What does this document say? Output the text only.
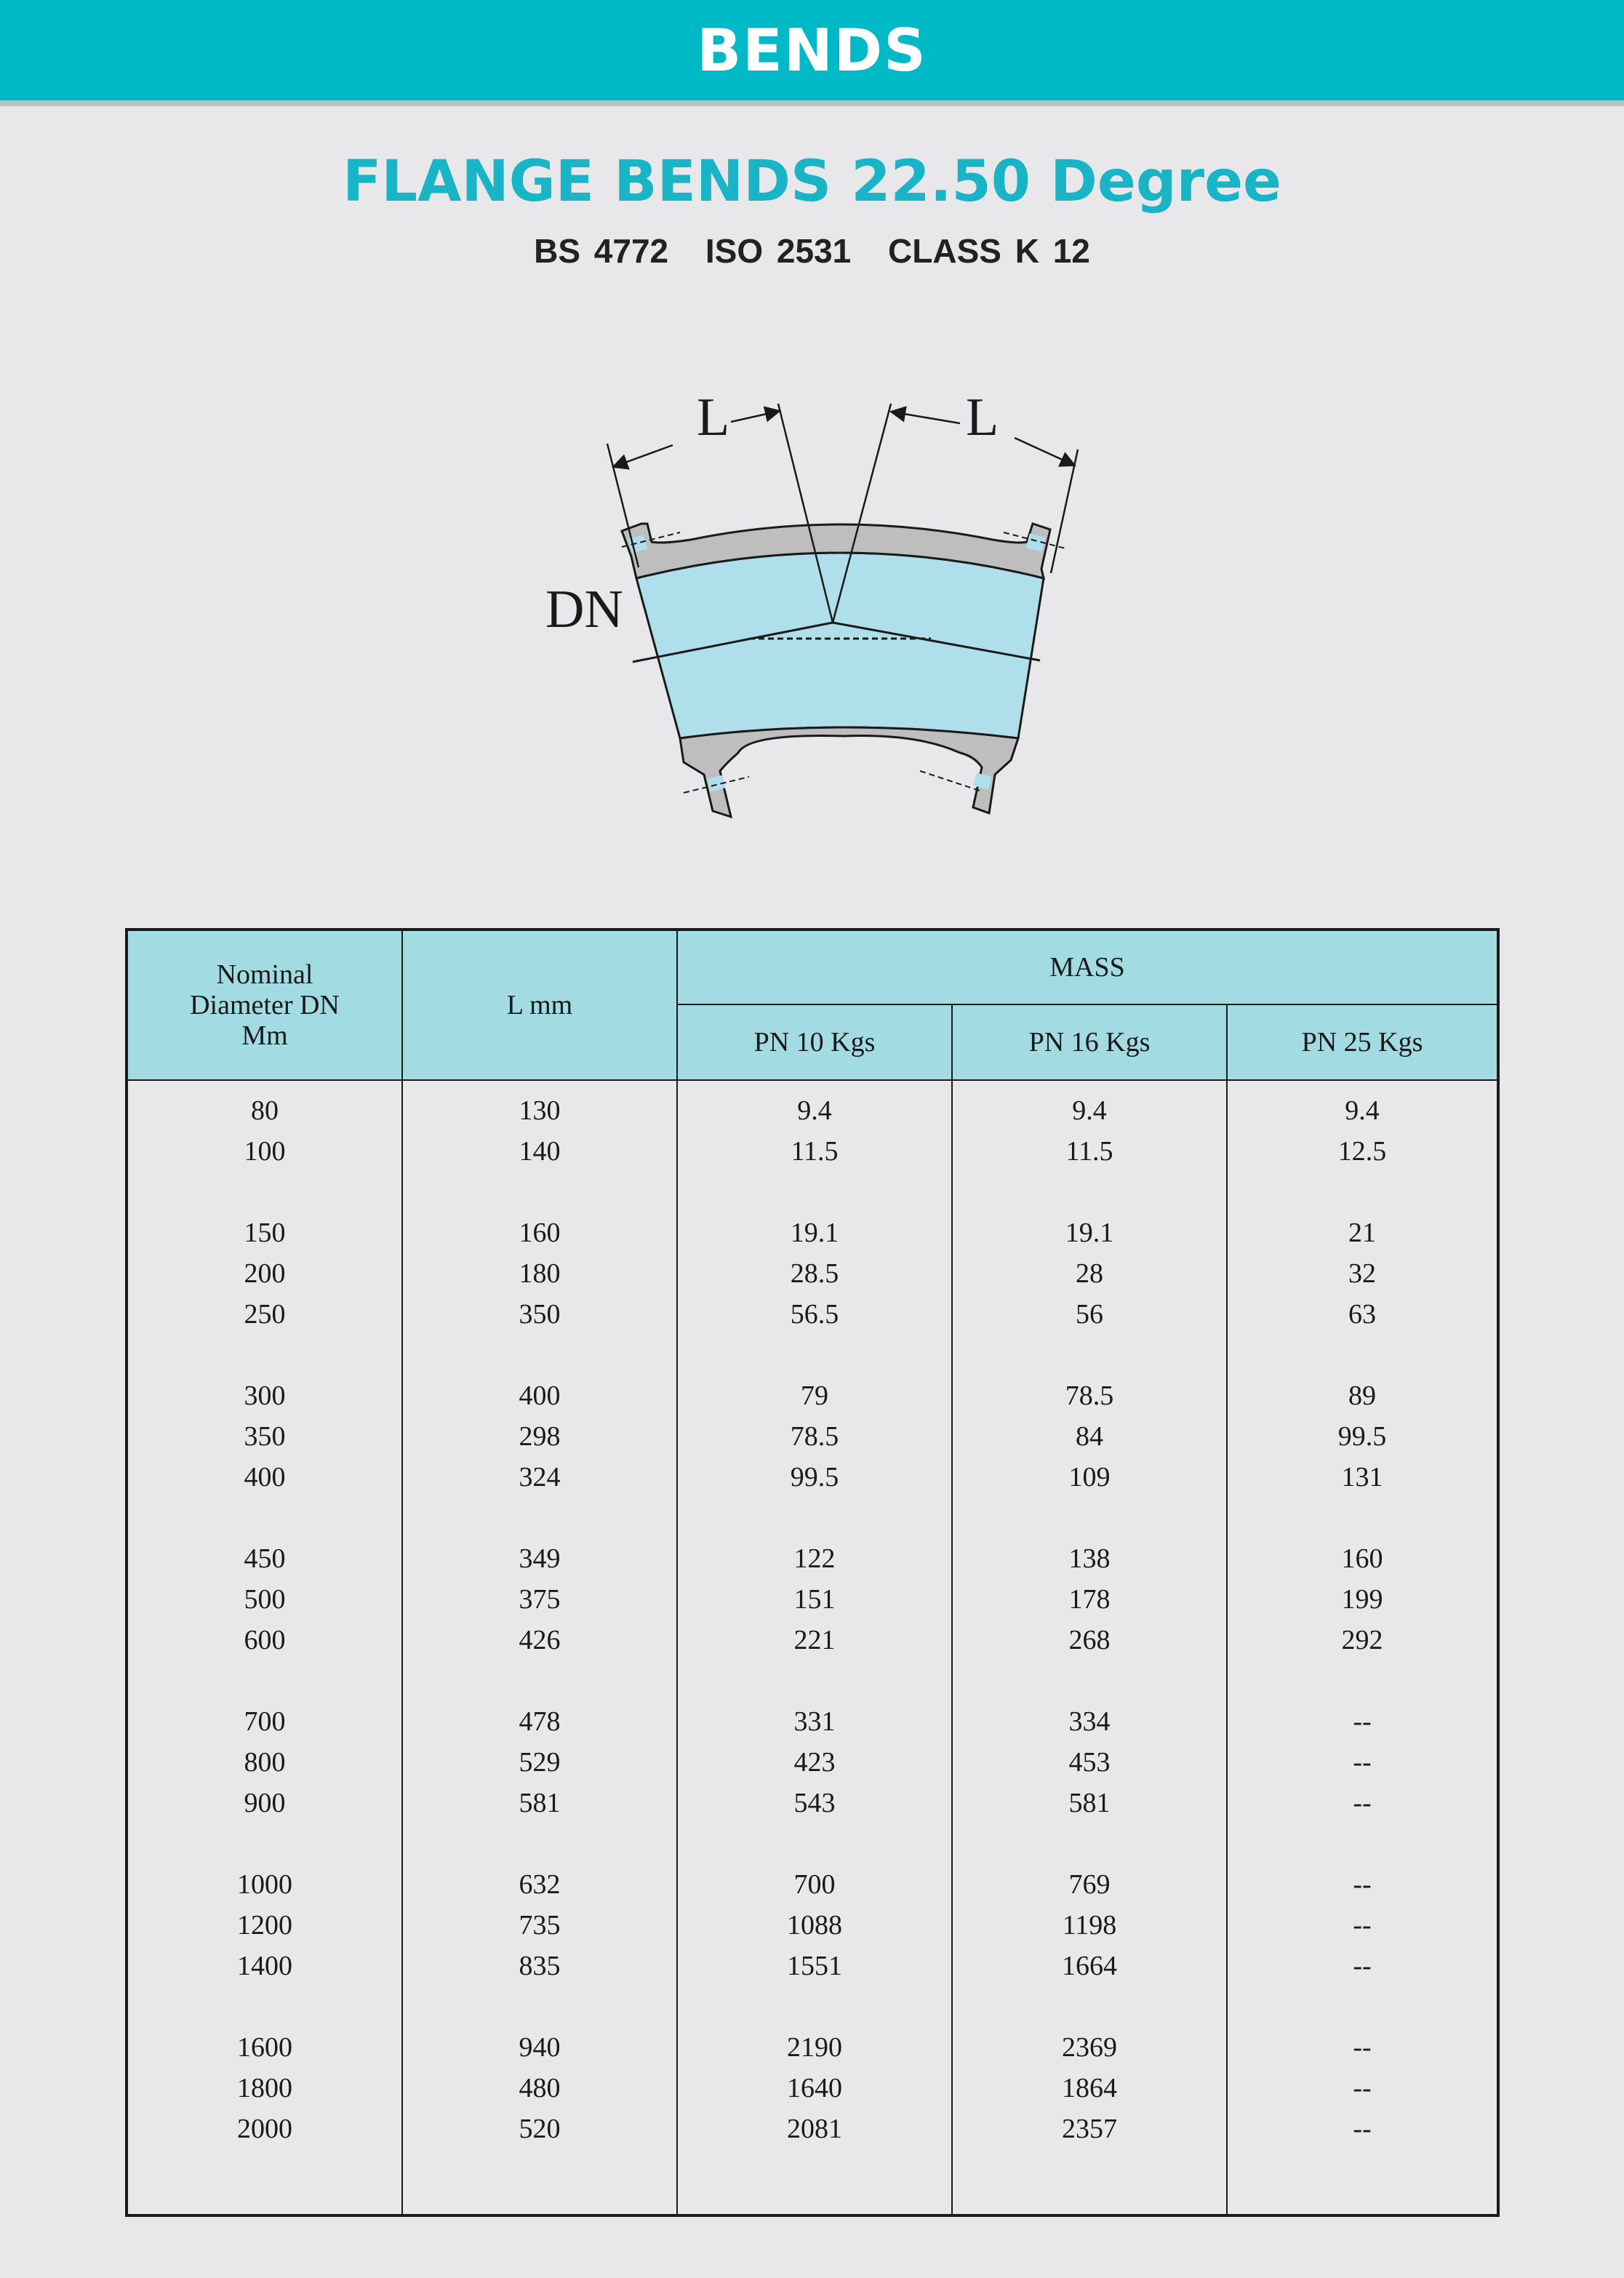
BENDS
FLANGE BENDS 22.50 Degree
BS 4772 ISO 2531 CLASS K 12
L	L
DN
Nominal
Diameter DN
Mm
L mm
MASS
PN 10 Kgs	PN 16 Kgs	PN 25 Kgs
80	130	9.4	9.4	9.4
100	140	11.5	11.5	12.5
150	160	19.1	19.1	21
200	180	28.5	28	32
250	350	56.5	56	63
300	400	79	78.5	89
350	298	78.5	84	99.5
400	324	99.5	109	131
450	349	122	138	160
500	375	151	178	199
600	426	221	268	292
700	478	331	334	--
800	529	423	453	--
900	581	543	581	--
1000	632	700	769	--
1200	735	1088	1198	--
1400	835	1551	1664	--
1600	940	2190	2369	--
1800	480	1640	1864	--
2000	520	2081	2357	--
